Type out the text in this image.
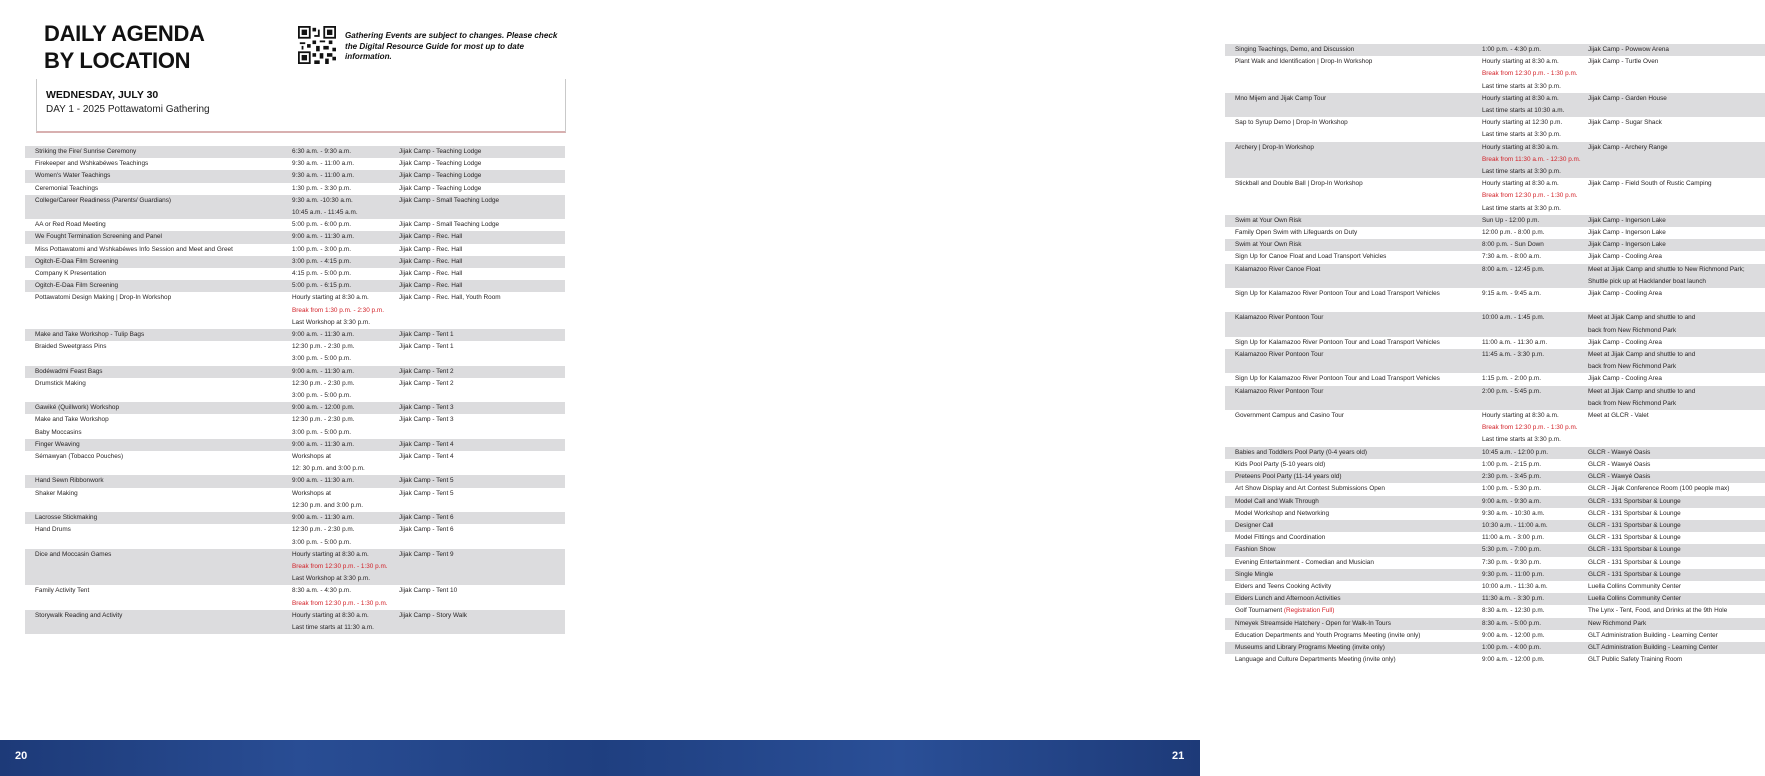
DAILY AGENDA
BY LOCATION
Gathering Events are subject to changes. Please check the Digital Resource Guide for most up to date information.
WEDNESDAY, JULY 30
DAY 1 - 2025 Pottawatomi Gathering
Striking the Fire/ Sunrise Ceremony	6:30 a.m. - 9:30 a.m.	Jijak Camp - Teaching Lodge
Firekeeper and Wshkabéwes Teachings	9:30 a.m. - 11:00 a.m.	Jijak Camp - Teaching Lodge
Women's Water Teachings	9:30 a.m. - 11:00 a.m.	Jijak Camp - Teaching Lodge
Ceremonial Teachings	1:30 p.m. - 3:30 p.m.	Jijak Camp - Teaching Lodge
College/Career Readiness (Parents/ Guardians)	9:30 a.m. -10:30 a.m.	Jijak Camp - Small Teaching Lodge
	10:45 a.m. - 11:45 a.m.	
AA or Red Road Meeting	5:00 p.m. - 6:00 p.m.	Jijak Camp - Small Teaching Lodge
We Fought Termination Screening and Panel	9:00 a.m. - 11:30 a.m.	Jijak Camp - Rec. Hall
Miss Pottawatomi and Wshkabéwes Info Session and Meet and Greet	1:00 p.m. - 3:00 p.m.	Jijak Camp - Rec. Hall
Ogitch-E-Daa Film Screening	3:00 p.m. - 4:15 p.m.	Jijak Camp - Rec. Hall
Company K Presentation	4:15 p.m. - 5:00 p.m.	Jijak Camp - Rec. Hall
Ogitch-E-Daa Film Screening	5:00 p.m. - 6:15 p.m.	Jijak Camp - Rec. Hall
Pottawatomi Design Making | Drop-In Workshop	Hourly starting at 8:30 a.m.	Jijak Camp - Rec. Hall, Youth Room
	Break from 1:30 p.m. - 2:30 p.m.	
	Last Workshop at 3:30 p.m.	
Make and Take Workshop - Tulip Bags	9:00 a.m. - 11:30 a.m.	Jijak Camp - Tent 1
Braided Sweetgrass Pins	12:30 p.m. - 2:30 p.m.	Jijak Camp - Tent 1
	3:00 p.m. - 5:00 p.m.	
Bodéwadmi Feast Bags	9:00 a.m. - 11:30 a.m.	Jijak Camp - Tent 2
Drumstick Making	12:30 p.m. - 2:30 p.m.	Jijak Camp - Tent 2
	3:00 p.m. - 5:00 p.m.	
Gawiké (Quillwork) Workshop	9:00 a.m. - 12:00 p.m.	Jijak Camp - Tent 3
Make and Take Workshop	12:30 p.m. - 2:30 p.m.	Jijak Camp - Tent 3
Baby Moccasins	3:00 p.m. - 5:00 p.m.	
Finger Weaving	9:00 a.m. - 11:30 a.m.	Jijak Camp - Tent 4
Sémawyan (Tobacco Pouches)	Workshops at	Jijak Camp - Tent 4
	12: 30 p.m. and 3:00 p.m.	
Hand Sewn Ribbonwork	9:00 a.m. - 11:30 a.m.	Jijak Camp - Tent 5
Shaker Making	Workshops at	Jijak Camp - Tent 5
	12:30 p.m. and 3:00 p.m.	
Lacrosse Stickmaking	9:00 a.m. - 11:30 a.m.	Jijak Camp - Tent 6
Hand Drums	12:30 p.m. - 2:30 p.m.	Jijak Camp - Tent 6
	3:00 p.m. - 5:00 p.m.	
Dice and Moccasin Games	Hourly starting at 8:30 a.m.	Jijak Camp - Tent 9
	Break from 12:30 p.m. - 1:30 p.m.	
	Last Workshop at 3:30 p.m.	
Family Activity Tent	8:30 a.m. - 4:30 p.m.	Jijak Camp - Tent 10
	Break from 12:30 p.m. - 1:30 p.m.	
Storywalk Reading and Activity	Hourly starting at 8:30 a.m.	Jijak Camp - Story Walk
	Last time starts at 11:30 a.m.	
Singing Teachings, Demo, and Discussion	1:00 p.m. - 4:30 p.m.	Jijak Camp - Powwow Arena
Plant Walk and Identification | Drop-In Workshop	Hourly starting at 8:30 a.m.	Jijak Camp - Turtle Oven
	Break from 12:30 p.m. - 1:30 p.m.	
	Last time starts at 3:30 p.m.	
Mno Mijem and Jijak Camp Tour	Hourly starting at 8:30 a.m.	Jijak Camp - Garden House
	Last time starts at 10:30 a.m.	
Sap to Syrup Demo | Drop-In Workshop	Hourly starting at 12:30 p.m.	Jijak Camp - Sugar Shack
	Last time starts at 3:30 p.m.	
Archery | Drop-In Workshop	Hourly starting at 8:30 a.m.	Jijak Camp - Archery Range
	Break from 11:30 a.m. - 12:30 p.m.	
	Last time starts at 3:30 p.m.	
Stickball and Double Ball | Drop-In Workshop	Hourly starting at 8:30 a.m.	Jijak Camp - Field South of Rustic Camping
	Break from 12:30 p.m. - 1:30 p.m.	
	Last time starts at 3:30 p.m.	
Swim at Your Own Risk	Sun Up - 12:00 p.m.	Jijak Camp - Ingerson Lake
Family Open Swim with Lifeguards on Duty	12:00 p.m. - 8:00 p.m.	Jijak Camp - Ingerson Lake
Swim at Your Own Risk	8:00 p.m. - Sun Down	Jijak Camp - Ingerson Lake
Sign Up for Canoe Float and Load Transport Vehicles	7:30 a.m. - 8:00 a.m.	Jijak Camp - Cooling Area
Kalamazoo River Canoe Float	8:00 a.m. - 12:45 p.m.	Meet at Jijak Camp and shuttle to New Richmond Park;
		Shuttle pick up at Hacklander boat launch
Sign Up for Kalamazoo River Pontoon Tour and Load Transport Vehicles	9:15 a.m. - 9:45 a.m.	Jijak Camp - Cooling Area

Kalamazoo River Pontoon Tour	10:00 a.m. - 1:45 p.m.	Meet at Jijak Camp and shuttle to and
		back from New Richmond Park
Sign Up for Kalamazoo River Pontoon Tour and Load Transport Vehicles	11:00 a.m. - 11:30 a.m.	Jijak Camp - Cooling Area
Kalamazoo River Pontoon Tour	11:45 a.m. - 3:30 p.m.	Meet at Jijak Camp and shuttle to and
		back from New Richmond Park
Sign Up for Kalamazoo River Pontoon Tour and Load Transport Vehicles	1:15 p.m. - 2:00 p.m.	Jijak Camp - Cooling Area
Kalamazoo River Pontoon Tour	2:00 p.m. - 5:45 p.m.	Meet at Jijak Camp and shuttle to and
		back from New Richmond Park
Government Campus and Casino Tour	Hourly starting at 8:30 a.m.	Meet at GLCR - Valet
	Break from 12:30 p.m. - 1:30 p.m.	
	Last time starts at 3:30 p.m.	
Babies and Toddlers Pool Party (0-4 years old)	10:45 a.m. - 12:00 p.m.	GLCR - Wawyé Oasis
Kids Pool Party (5-10 years old)	1:00 p.m. - 2:15 p.m.	GLCR - Wawyé Oasis
Preteens Pool Party (11-14 years old)	2:30 p.m. - 3:45 p.m.	GLCR - Wawyé Oasis
Art Show Display and Art Contest Submissions Open	1:00 p.m. - 5:30 p.m.	GLCR - Jijak Conference Room (100 people max)
Model Call and Walk Through	9:00 a.m. - 9:30 a.m.	GLCR - 131 Sportsbar & Lounge
Model Workshop and Networking	9:30 a.m. - 10:30 a.m.	GLCR - 131 Sportsbar & Lounge
Designer Call	10:30 a.m. - 11:00 a.m.	GLCR - 131 Sportsbar & Lounge
Model Fittings and Coordination	11:00 a.m. - 3:00 p.m.	GLCR - 131 Sportsbar & Lounge
Fashion Show	5:30 p.m. - 7:00 p.m.	GLCR - 131 Sportsbar & Lounge
Evening Entertainment - Comedian and Musician	7:30 p.m. - 9:30 p.m.	GLCR - 131 Sportsbar & Lounge
Single Mingle	9:30 p.m. - 11:00 p.m.	GLCR - 131 Sportsbar & Lounge
Elders and Teens Cooking Activity	10:00 a.m. - 11:30 a.m.	Luella Collins Community Center
Elders Lunch and Afternoon Activities	11:30 a.m. - 3:30 p.m.	Luella Collins Community Center
Golf Tournament (Registration Full)	8:30 a.m. - 12:30 p.m.	The Lynx - Tent, Food, and Drinks at the 9th Hole
Nmeyek Streamside Hatchery - Open for Walk-In Tours	8:30 a.m. - 5:00 p.m.	New Richmond Park
Education Departments and Youth Programs Meeting (invite only)	9:00 a.m. - 12:00 p.m.	GLT Administration Building - Learning Center
Museums and Library Programs Meeting (invite only)	1:00 p.m. - 4:00 p.m.	GLT Administration Building - Learning Center
Language and Culture Departments Meeting (invite only)	9:00 a.m. - 12:00 p.m.	GLT Public Safety Training Room
20	21
